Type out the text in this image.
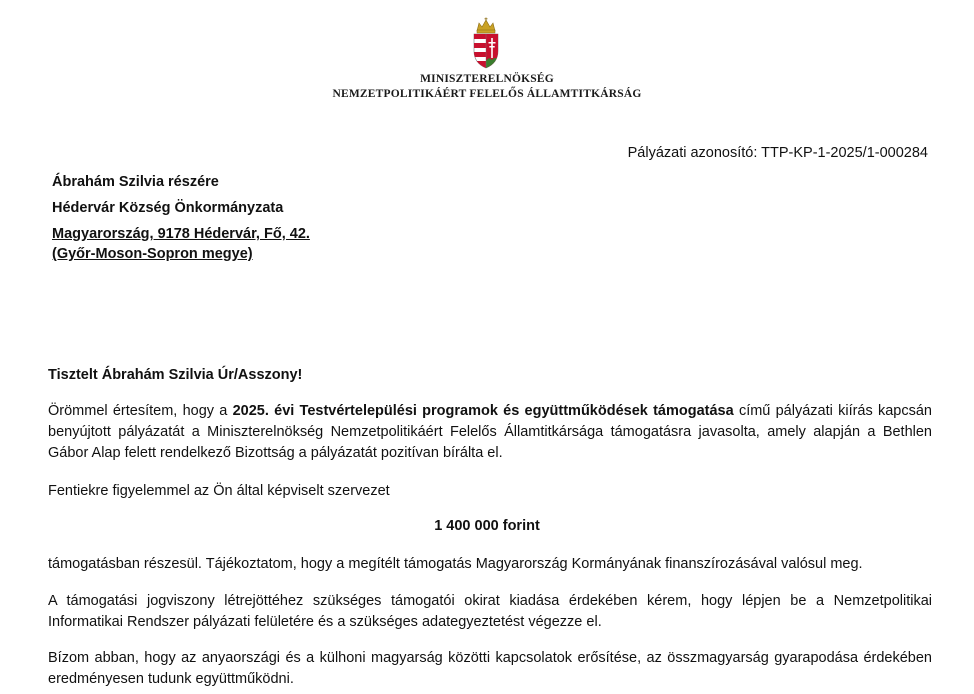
MINISZTERELNÖKSÉG
NEMZETPOLITIKÁÉRT FELELŐS ÁLLAMTITKÁRSÁG
Pályázati azonosító: TTP-KP-1-2025/1-000284
Ábrahám Szilvia részére
Hédervár Község Önkormányzata
Magyarország, 9178 Hédervár, Fő, 42.
(Győr-Moson-Sopron megye)
Tisztelt Ábrahám Szilvia Úr/Asszony!
Örömmel értesítem, hogy a 2025. évi Testvértelepülési programok és együttműködések támogatása című pályázati kiírás kapcsán benyújtott pályázatát a Miniszterelnökség Nemzetpolitikáért Felelős Államtitkársága támogatásra javasolta, amely alapján a Bethlen Gábor Alap felett rendelkező Bizottság a pályázatát pozitívan bírálta el.
Fentiekre figyelemmel az Ön által képviselt szervezet
1 400 000 forint
támogatásban részesül. Tájékoztatom, hogy a megítélt támogatás Magyarország Kormányának finanszírozásával valósul meg.
A támogatási jogviszony létrejöttéhez szükséges támogatói okirat kiadása érdekében kérem, hogy lépjen be a Nemzetpolitikai Informatikai Rendszer pályázati felületére és a szükséges adategyeztetést végezze el.
Bízom abban, hogy az anyaországi és a külhoni magyarság közötti kapcsolatok erősítése, az összmagyarság gyarapodása érdekében eredményesen tudunk együttműködni.
